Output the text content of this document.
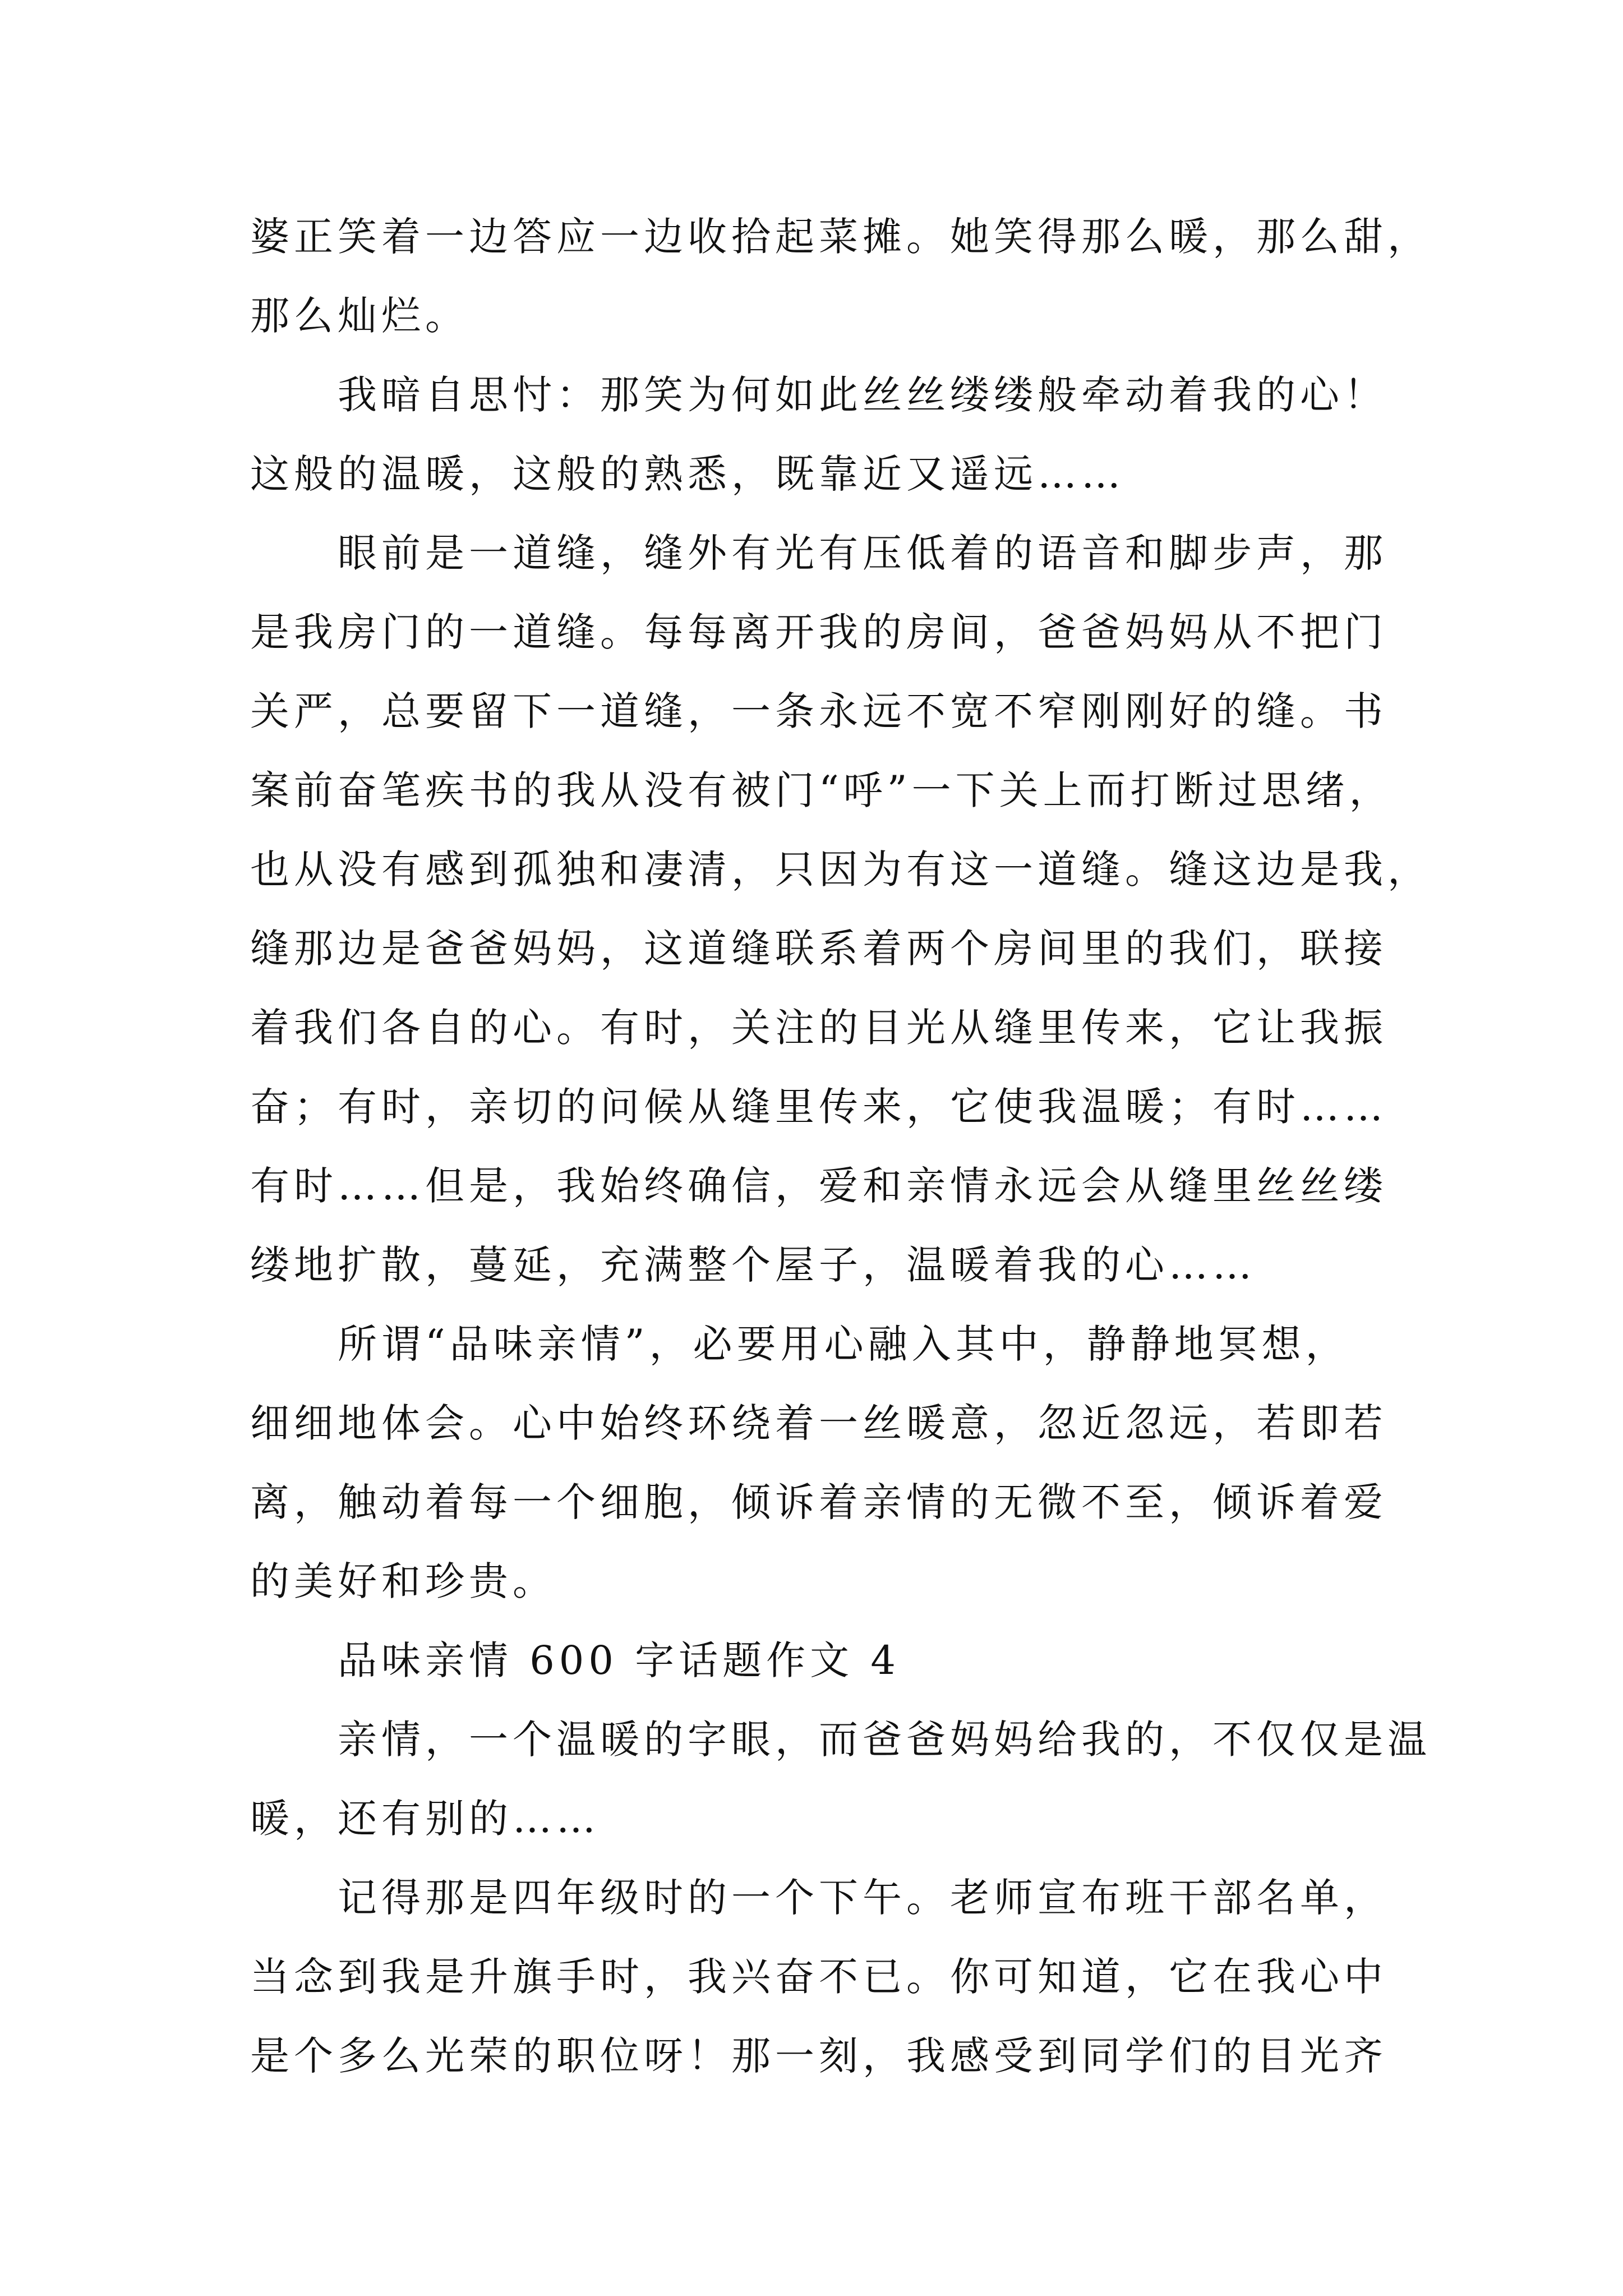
婆正笑着一边答应一边收拾起菜摊。她笑得那么暖，那么甜，
那么灿烂。
我暗自思忖：那笑为何如此丝丝缕缕般牵动着我的心！
这般的温暖，这般的熟悉，既靠近又遥远……
眼前是一道缝，缝外有光有压低着的语音和脚步声，那
是我房门的一道缝。每每离开我的房间，爸爸妈妈从不把门
关严，总要留下一道缝，一条永远不宽不窄刚刚好的缝。书
案前奋笔疾书的我从没有被门“呼”一下关上而打断过思绪，
也从没有感到孤独和凄清，只因为有这一道缝。缝这边是我，
缝那边是爸爸妈妈，这道缝联系着两个房间里的我们，联接
着我们各自的心。有时，关注的目光从缝里传来，它让我振
奋；有时，亲切的问候从缝里传来，它使我温暖；有时……
有时……但是，我始终确信，爱和亲情永远会从缝里丝丝缕
缕地扩散，蔓延，充满整个屋子，温暖着我的心……
所谓“品味亲情”，必要用心融入其中，静静地冥想，
细细地体会。心中始终环绕着一丝暖意，忽近忽远，若即若
离，触动着每一个细胞，倾诉着亲情的无微不至，倾诉着爱
的美好和珍贵。
品味亲情 600 字话题作文 4
亲情，一个温暖的字眼，而爸爸妈妈给我的，不仅仅是温
暖，还有别的……
记得那是四年级时的一个下午。老师宣布班干部名单，
当念到我是升旗手时，我兴奋不已。你可知道，它在我心中
是个多么光荣的职位呀！那一刻，我感受到同学们的目光齐
